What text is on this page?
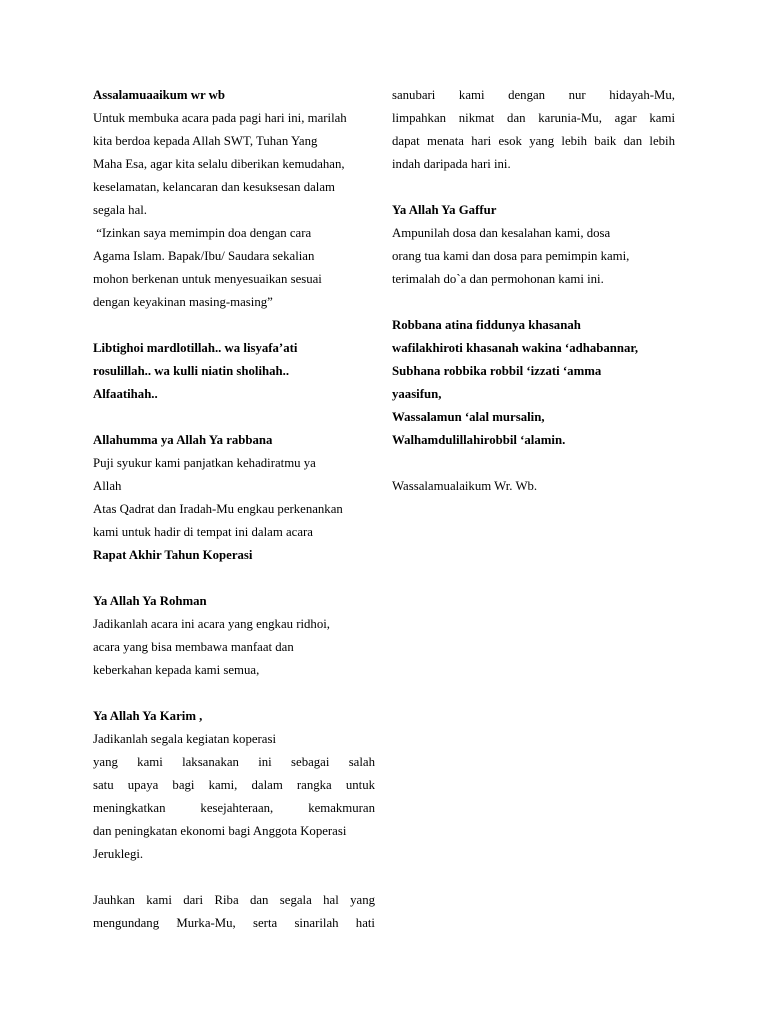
Assalamuaaikum wr wb
Untuk membuka acara pada pagi hari ini, marilah
kita berdoa kepada Allah SWT, Tuhan Yang
Maha Esa, agar kita selalu diberikan kemudahan,
keselamatan, kelancaran dan kesuksesan dalam
segala hal.
“Izinkan saya memimpin doa dengan cara
Agama Islam. Bapak/Ibu/ Saudara sekalian
mohon berkenan untuk menyesuaikan sesuai
dengan keyakinan masing-masing”
Libtighoi mardlotillah.. wa lisyafa’ati
rosulillah.. wa kulli niatin sholihah..
Alfaatihah..
Allahumma ya Allah Ya rabbana
Puji syukur kami panjatkan kehadiratmu ya
Allah
Atas Qadrat dan Iradah-Mu engkau perkenankan
kami untuk hadir di tempat ini dalam acara
Rapat Akhir Tahun Koperasi
Ya Allah Ya Rohman
Jadikanlah acara ini acara yang engkau ridhoi,
acara yang bisa membawa manfaat dan
keberkahan kepada kami semua,
Ya Allah Ya Karim ,
Jadikanlah segala kegiatan koperasi
yang kami laksanakan ini sebagai salah
satu upaya bagi kami, dalam rangka untuk
meningkatkan kesejahteraan, kemakmuran
dan peningkatan ekonomi bagi Anggota Koperasi
Jeruklegi.
Jauhkan kami dari Riba dan segala hal yang
mengundang Murka-Mu, serta sinarilah hati
sanubari kami dengan nur hidayah-Mu,
limpahkan nikmat dan karunia-Mu, agar kami
dapat menata hari esok yang lebih baik dan lebih
indah daripada hari ini.
Ya Allah Ya Gaffur
Ampunilah dosa dan kesalahan kami, dosa
orang tua kami dan dosa para pemimpin kami,
terimalah do`a dan permohonan kami ini.
Robbana atina fiddunya khasanah
wafilakhiroti khasanah wakina ‘adhabannar,
Subhana robbika robbil ‘izzati ‘amma
yaasifun,
Wassalamun ‘alal mursalin,
Walhamdulillahirobbil ‘alamin.
Wassalamualaikum Wr. Wb.
